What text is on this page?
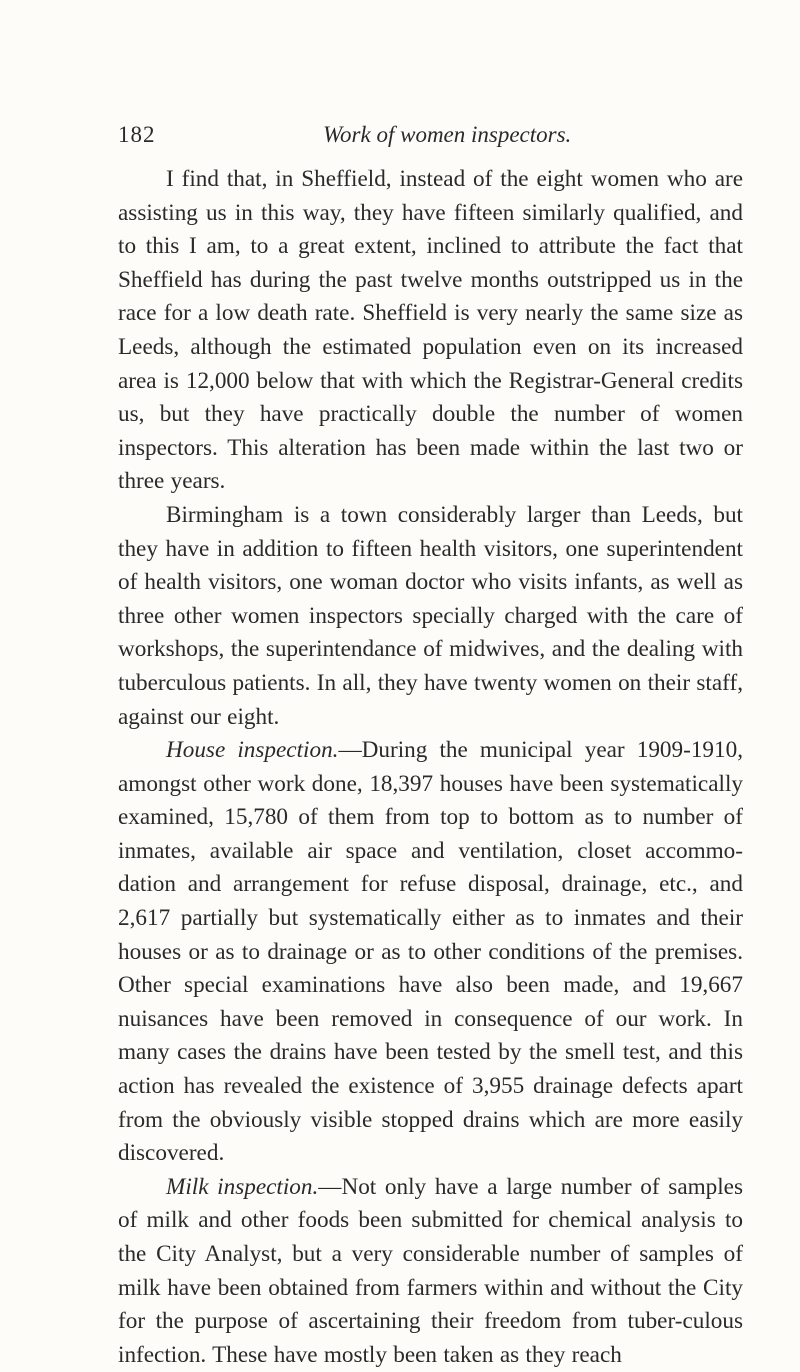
182	Work of women inspectors.

I find that, in Sheffield, instead of the eight women who are assisting us in this way, they have fifteen similarly qualified, and to this I am, to a great extent, inclined to attribute the fact that Sheffield has during the past twelve months outstripped us in the race for a low death rate. Sheffield is very nearly the same size as Leeds, although the estimated population even on its increased area is 12,000 below that with which the Registrar-General credits us, but they have practically double the number of women inspectors. This alteration has been made within the last two or three years.

Birmingham is a town considerably larger than Leeds, but they have in addition to fifteen health visitors, one superintendent of health visitors, one woman doctor who visits infants, as well as three other women inspectors specially charged with the care of workshops, the superintendance of midwives, and the dealing with tuberculous patients. In all, they have twenty women on their staff, against our eight.

House inspection.—During the municipal year 1909-1910, amongst other work done, 18,397 houses have been systematically examined, 15,780 of them from top to bottom as to number of inmates, available air space and ventilation, closet accommo-dation and arrangement for refuse disposal, drainage, etc., and 2,617 partially but systematically either as to inmates and their houses or as to drainage or as to other conditions of the premises. Other special examinations have also been made, and 19,667 nuisances have been removed in consequence of our work. In many cases the drains have been tested by the smell test, and this action has revealed the existence of 3,955 drainage defects apart from the obviously visible stopped drains which are more easily discovered.

Milk inspection.—Not only have a large number of samples of milk and other foods been submitted for chemical analysis to the City Analyst, but a very considerable number of samples of milk have been obtained from farmers within and without the City for the purpose of ascertaining their freedom from tuber-culous infection. These have mostly been taken as they reach
